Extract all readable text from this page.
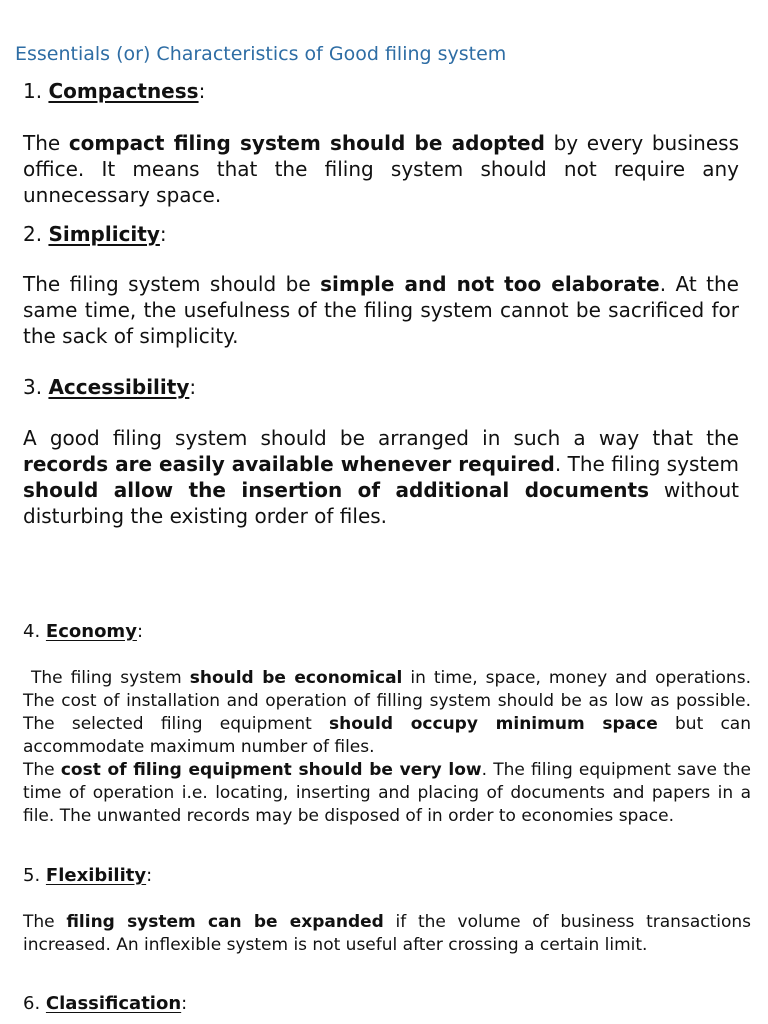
Essentials (or) Characteristics of Good filing system
1. Compactness:
The compact filing system should be adopted by every business office. It means that the filing system should not require any unnecessary space.
2. Simplicity:
The filing system should be simple and not too elaborate. At the same time, the usefulness of the filing system cannot be sacrificed for the sack of simplicity.
3. Accessibility:
A good filing system should be arranged in such a way that the records are easily available whenever required. The filing system should allow the insertion of additional documents without disturbing the existing order of files.
4. Economy:
The filing system should be economical in time, space, money and operations. The cost of installation and operation of filling system should be as low as possible. The selected filing equipment should occupy minimum space but can accommodate maximum number of files.
The cost of filing equipment should be very low. The filing equipment save the time of operation i.e. locating, inserting and placing of documents and papers in a file. The unwanted records may be disposed of in order to economies space.
5. Flexibility:
The filing system can be expanded if the volume of business transactions increased. An inflexible system is not useful after crossing a certain limit.
6. Classification:
